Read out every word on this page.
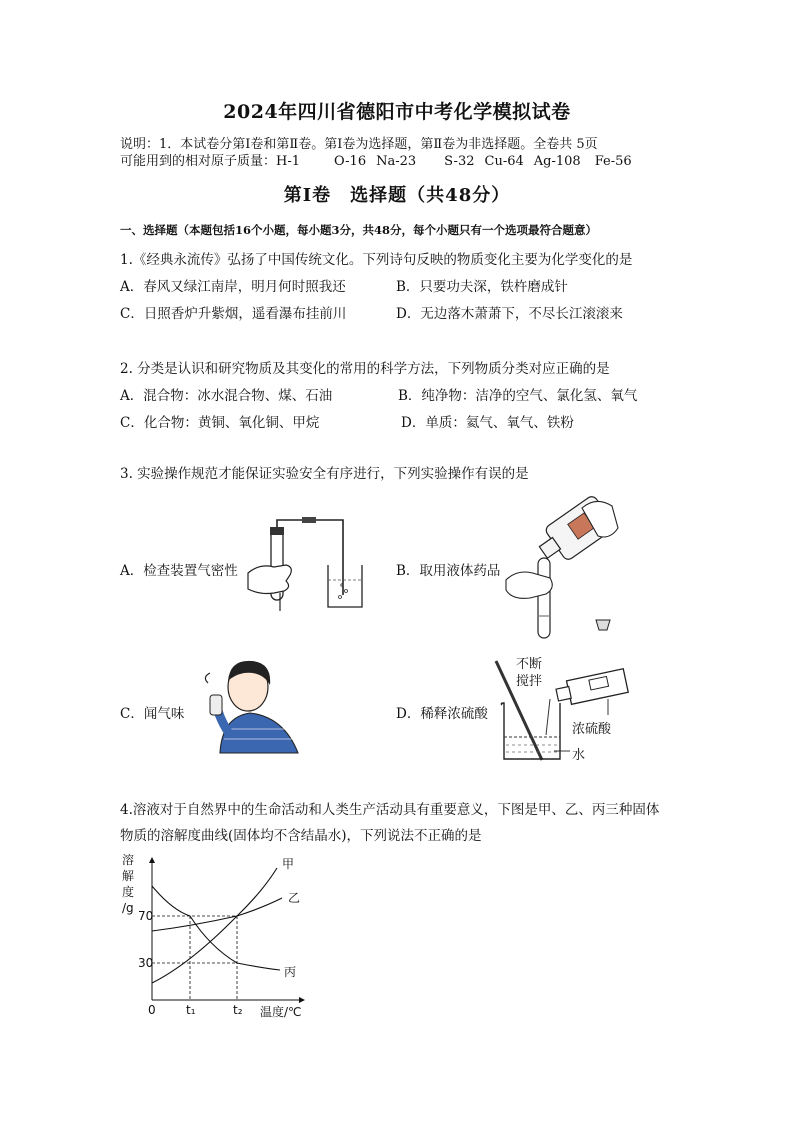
2024年四川省德阳市中考化学模拟试卷
说明：1．本试卷分第Ⅰ卷和第Ⅱ卷。第Ⅰ卷为选择题，第Ⅱ卷为非选择题。全卷共 5页
可能用到的相对原子质量：H-1	O-16 Na-23 S-32 Cu-64 Ag-108 Fe-56
第Ⅰ卷　选择题（共48分）
一、选择题（本题包括16个小题，每小题3分，共48分，每个小题只有一个选项最符合题意）
1.《经典永流传》弘扬了中国传统文化。下列诗句反映的物质变化主要为化学变化的是
A．春风又绿江南岸，明月何时照我还	B．只要功夫深，铁杵磨成针
C．日照香炉升紫烟，遥看瀑布挂前川	D．无边落木萧萧下，不尽长江滚滚来
2. 分类是认识和研究物质及其变化的常用的科学方法，下列物质分类对应正确的是
A．混合物：冰水混合物、煤、石油	B．纯净物：洁净的空气、氯化氢、氧气
C．化合物：黄铜、氧化铜、甲烷	D．单质：氦气、氧气、铁粉
3. 实验操作规范才能保证实验安全有序进行，下列实验操作有误的是
A．检查装置气密性	B．取用液体药品
C．闻气味	D．稀释浓硫酸
不断
搅拌
浓硫酸
水
4.溶液对于自然界中的生命活动和人类生产活动具有重要意义，下图是甲、乙、丙三种固体
物质的溶解度曲线(固体均不含结晶水)，下列说法不正确的是
甲
乙
丙
30
70
t₁	t₂
0	温度/℃
溶
解
度
/g
